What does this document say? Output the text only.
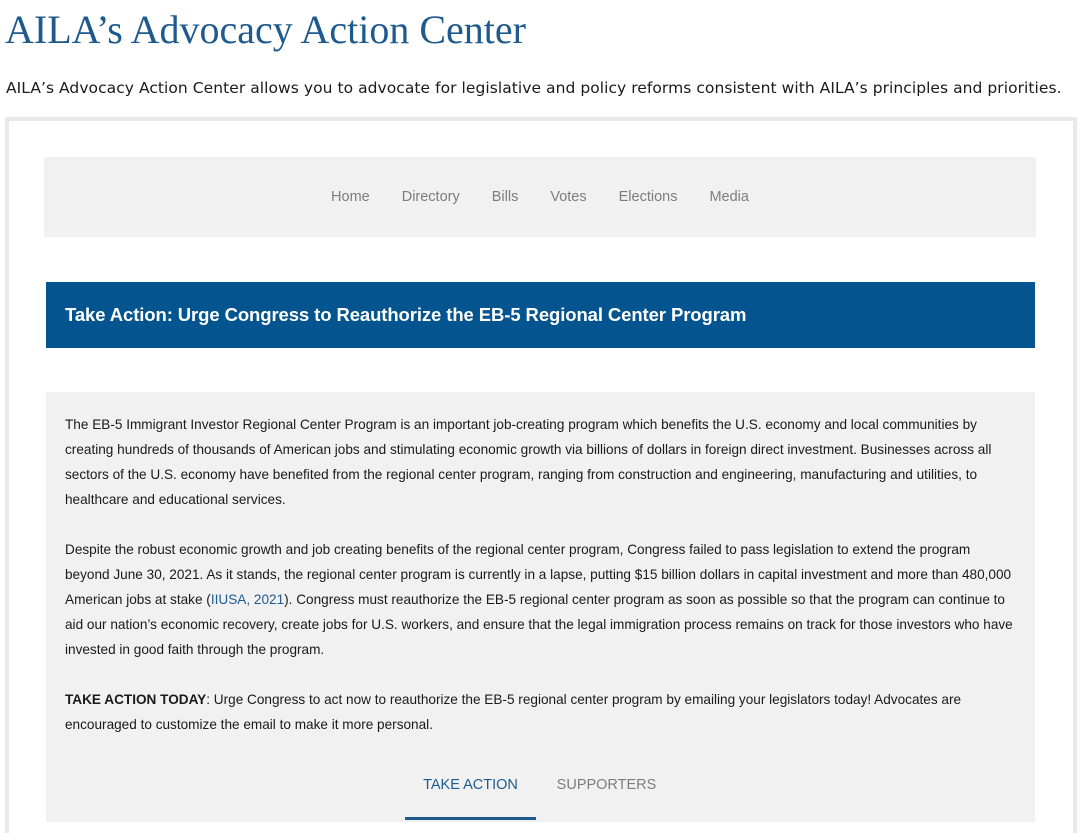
AILA’s Advocacy Action Center

AILA’s Advocacy Action Center allows you to advocate for legislative and policy reforms consistent with AILA’s principles and priorities.

Home Directory Bills Votes Elections Media
Take Action: Urge Congress to Reauthorize the EB-5 Regional Center Program

The EB-5 Immigrant Investor Regional Center Program is an important job-creating program which benefits the U.S. economy and local communities by creating hundreds of thousands of American jobs and stimulating economic growth via billions of dollars in foreign direct investment. Businesses across all sectors of the U.S. economy have benefited from the regional center program, ranging from construction and engineering, manufacturing and utilities, to healthcare and educational services.

Despite the robust economic growth and job creating benefits of the regional center program, Congress failed to pass legislation to extend the program beyond June 30, 2021. As it stands, the regional center program is currently in a lapse, putting $15 billion dollars in capital investment and more than 480,000 American jobs at stake (IIUSA, 2021). Congress must reauthorize the EB-5 regional center program as soon as possible so that the program can continue to aid our nation’s economic recovery, create jobs for U.S. workers, and ensure that the legal immigration process remains on track for those investors who have invested in good faith through the program.

TAKE ACTION TODAY: Urge Congress to act now to reauthorize the EB-5 regional center program by emailing your legislators today! Advocates are encouraged to customize the email to make it more personal.

TAKE ACTION	SUPPORTERS
